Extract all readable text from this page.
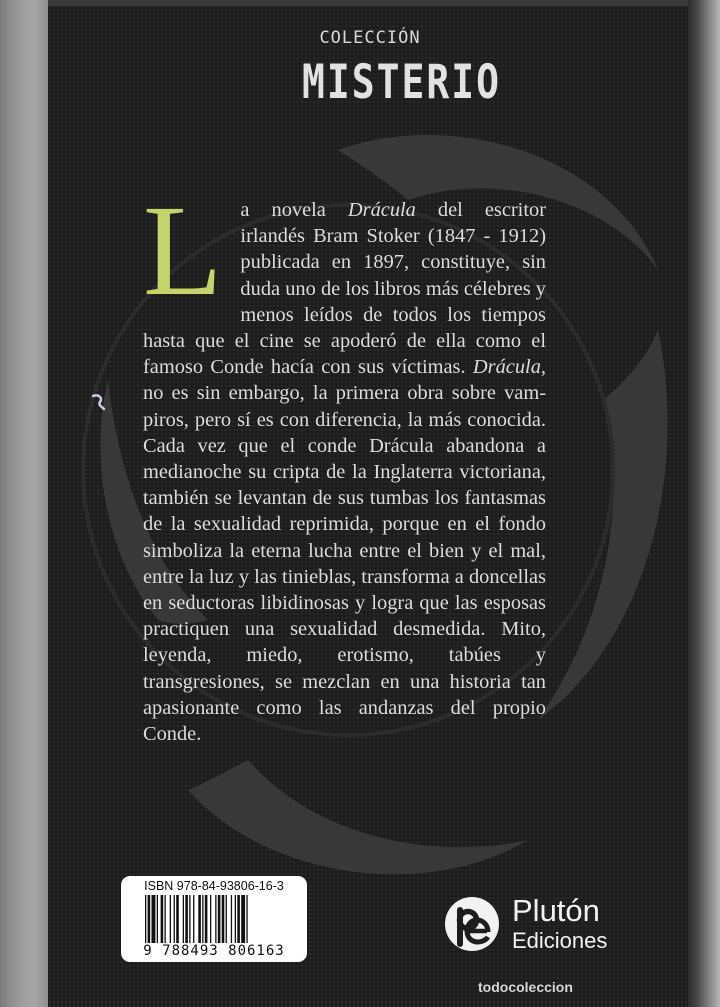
COLECCIÓN
MISTERIO

La novela Drácula del escritor irlandés Bram Stoker (1847 - 1912) publicada en 1897, constituye, sin duda uno de los libros más célebres y menos leídos de todos los tiempos hasta que el cine se apoderó de ella como el famoso Conde hacía con sus víctimas. Drácula, no es sin embargo, la primera obra sobre vampiros, pero sí es con diferencia, la más conocida. Cada vez que el conde Drácula abandona a medianoche su cripta de la Inglaterra victoriana, también se levantan de sus tumbas los fantasmas de la sexualidad reprimida, porque en el fondo simboliza la eterna lucha entre el bien y el mal, entre la luz y las tinieblas, transforma a doncellas en seductoras libidinosas y logra que las esposas practiquen una sexualidad desmedida. Mito, leyenda, miedo, erotismo, tabúes y transgresiones, se mezclan en una historia tan apasionante como las andanzas del propio Conde.

ISBN 978-84-93806-16-3
9 788493 806163
Plutón
Ediciones
todocoleccion
